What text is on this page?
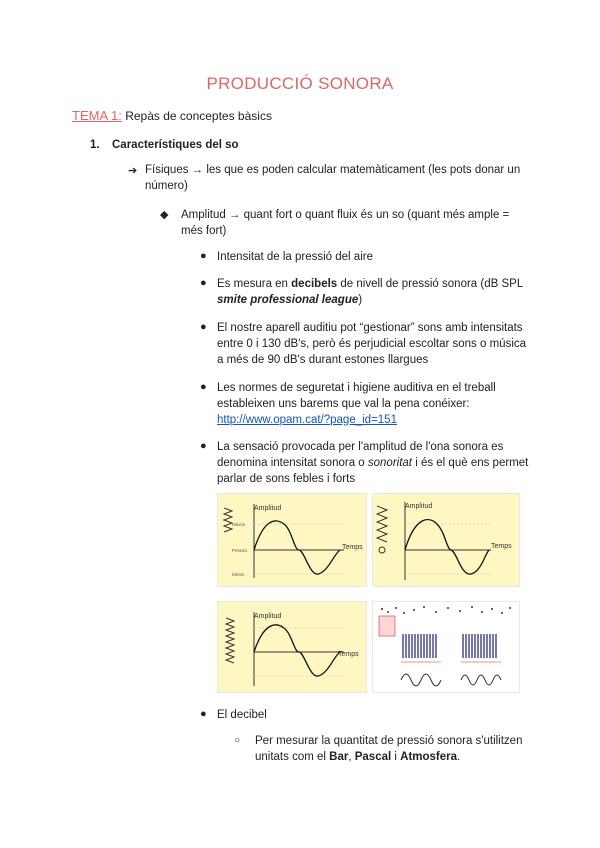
PRODUCCIÓ SONORA
TEMA 1: Repàs de conceptes bàsics
1. Característiques del so
➔ Físiques → les que es poden calcular matemàticament (les pots donar un
número)
◆ Amplitud → quant fort o quant fluix és un so (quant més ample =
més fort)
● Intensitat de la pressió del aire
● Es mesura en decibels de nivell de pressió sonora (dB SPL
smite professional league)
● El nostre aparell auditiu pot “gestionar” sons amb intensitats
entre 0 i 130 dB's, però és perjudicial escoltar sons o música
a més de 90 dB's durant estones llargues
● Les normes de seguretat i higiene auditiva en el treball
estableixen uns barems que val la pena conéixer:
http://www.opam.cat/?page_id=151
● La sensació provocada per l'amplitud de l'ona sonora es
denomina intensitat sonora o sonoritat i és el què ens permet
parlar de sons febles i forts
Amplitud
Temps
Màxim
Pressió
Mínim
Amplitud
Temps
Amplitud
Temps
● El decibel
○ Per mesurar la quantitat de pressió sonora s'utilitzen
unitats com el Bar, Pascal i Atmosfera.
